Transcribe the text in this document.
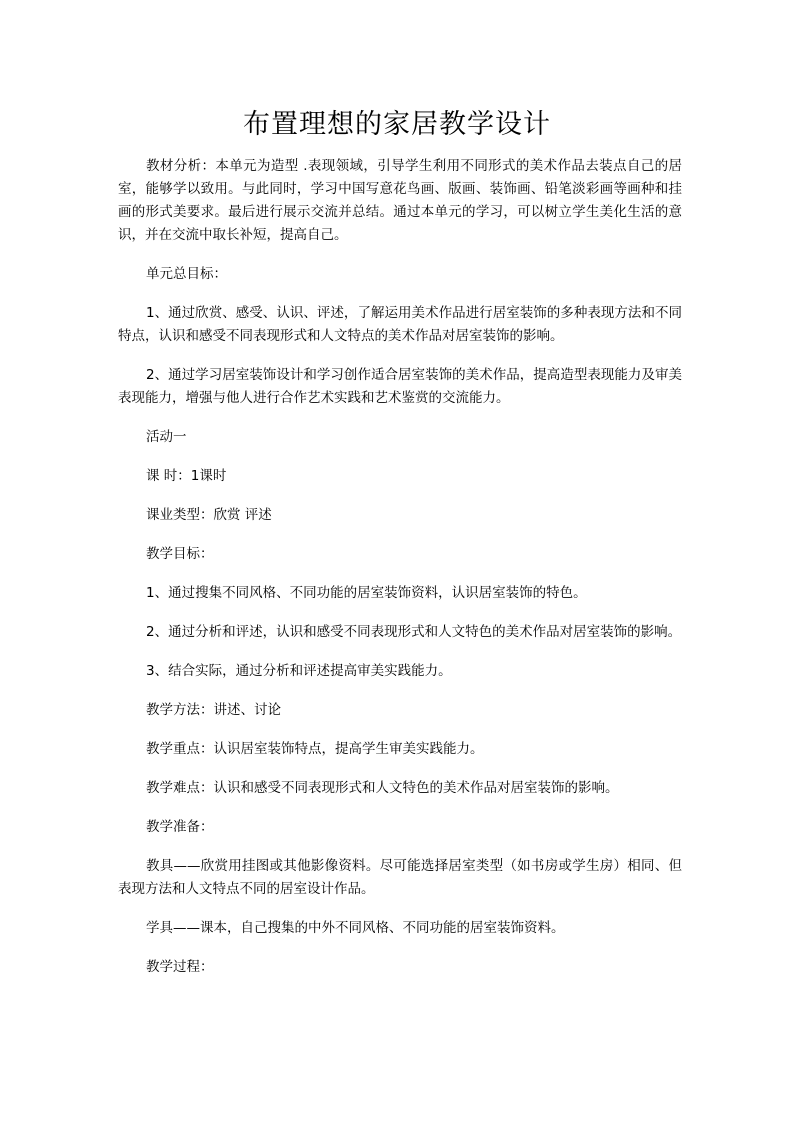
布置理想的家居教学设计

教材分析：本单元为造型 .表现领域，引导学生利用不同形式的美术作品去装点自己的居室，能够学以致用。与此同时，学习中国写意花鸟画、版画、装饰画、铅笔淡彩画等画种和挂画的形式美要求。最后进行展示交流并总结。通过本单元的学习，可以树立学生美化生活的意识，并在交流中取长补短，提高自己。

单元总目标：

1、通过欣赏、感受、认识、评述，了解运用美术作品进行居室装饰的多种表现方法和不同特点，认识和感受不同表现形式和人文特点的美术作品对居室装饰的影响。

2、通过学习居室装饰设计和学习创作适合居室装饰的美术作品，提高造型表现能力及审美表现能力，增强与他人进行合作艺术实践和艺术鉴赏的交流能力。

活动一

课 时：1课时

课业类型：欣赏 评述

教学目标：

1、通过搜集不同风格、不同功能的居室装饰资料，认识居室装饰的特色。

2、通过分析和评述，认识和感受不同表现形式和人文特色的美术作品对居室装饰的影响。

3、结合实际，通过分析和评述提高审美实践能力。

教学方法：讲述、讨论

教学重点：认识居室装饰特点，提高学生审美实践能力。

教学难点：认识和感受不同表现形式和人文特色的美术作品对居室装饰的影响。

教学准备：

教具——欣赏用挂图或其他影像资料。尽可能选择居室类型（如书房或学生房）相同、但表现方法和人文特点不同的居室设计作品。

学具——课本，自己搜集的中外不同风格、不同功能的居室装饰资料。

教学过程：
